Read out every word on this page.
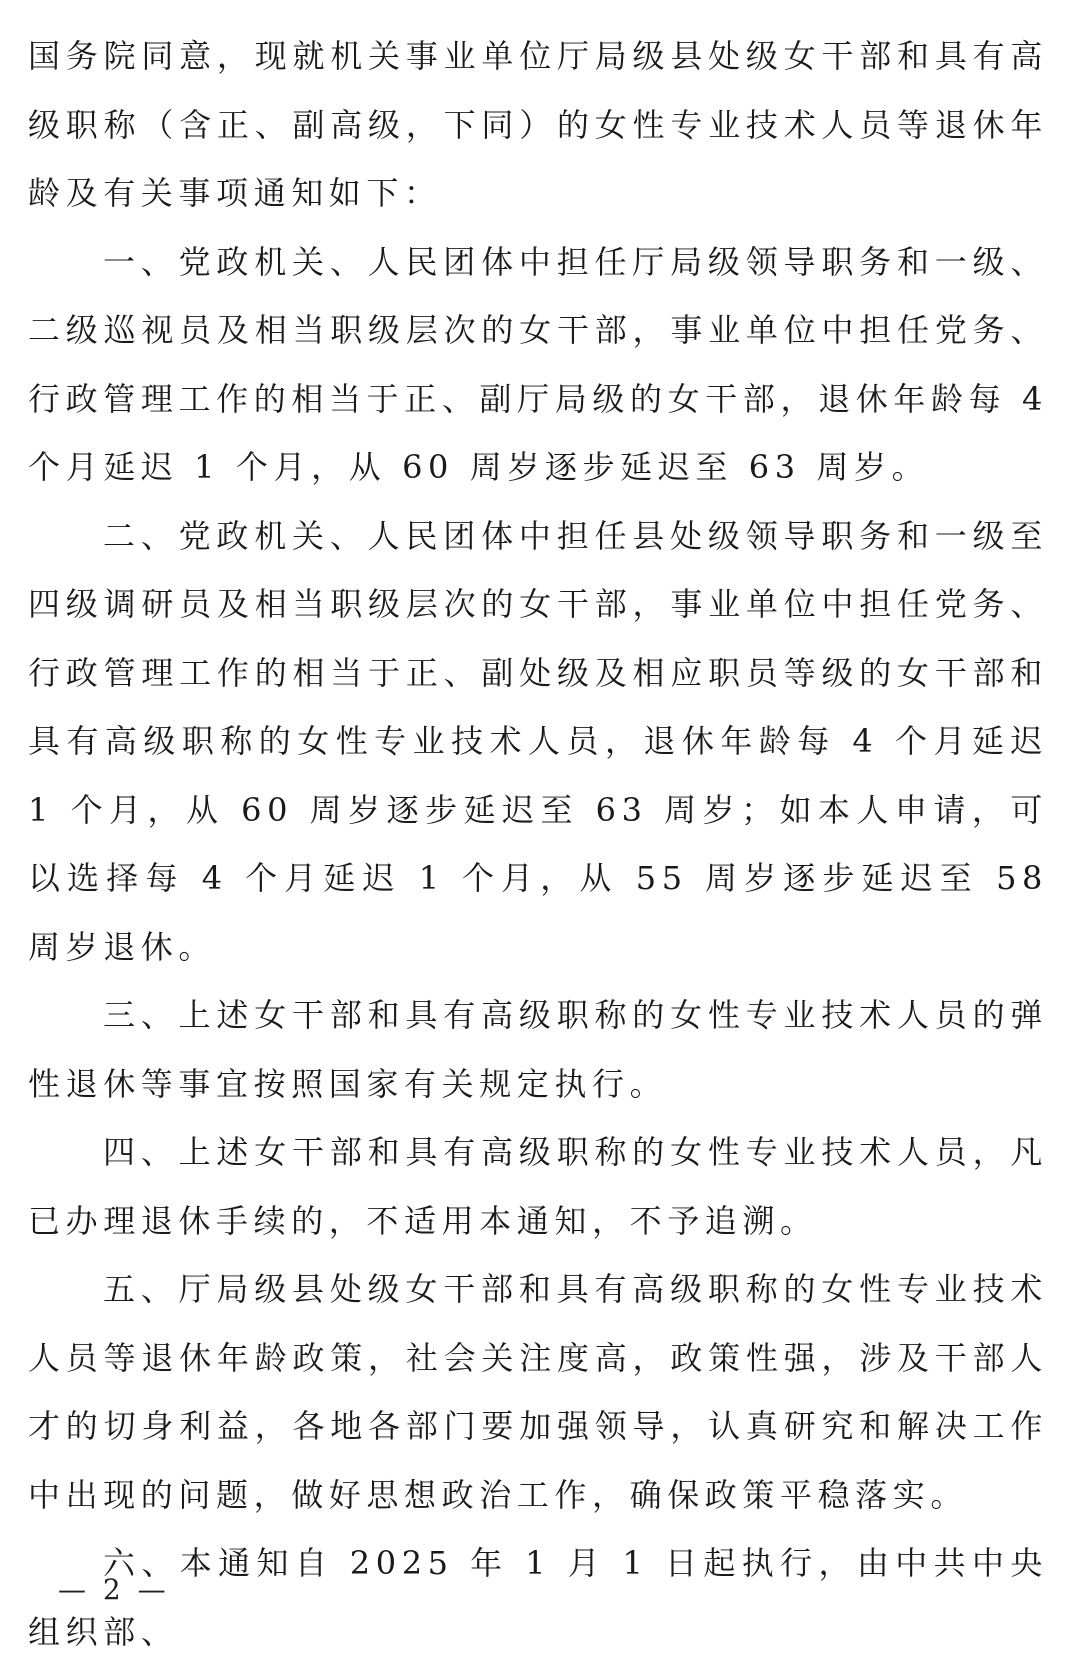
国务院同意，现就机关事业单位厅局级县处级女干部和具有高级职称（含正、副高级，下同）的女性专业技术人员等退休年龄及有关事项通知如下：

一、党政机关、人民团体中担任厅局级领导职务和一级、二级巡视员及相当职级层次的女干部，事业单位中担任党务、行政管理工作的相当于正、副厅局级的女干部，退休年龄每 4 个月延迟 1 个月，从 60 周岁逐步延迟至 63 周岁。

二、党政机关、人民团体中担任县处级领导职务和一级至四级调研员及相当职级层次的女干部，事业单位中担任党务、行政管理工作的相当于正、副处级及相应职员等级的女干部和具有高级职称的女性专业技术人员，退休年龄每 4 个月延迟 1 个月，从 60 周岁逐步延迟至 63 周岁；如本人申请，可以选择每 4 个月延迟 1 个月，从 55 周岁逐步延迟至 58 周岁退休。

三、上述女干部和具有高级职称的女性专业技术人员的弹性退休等事宜按照国家有关规定执行。

四、上述女干部和具有高级职称的女性专业技术人员，凡已办理退休手续的，不适用本通知，不予追溯。

五、厅局级县处级女干部和具有高级职称的女性专业技术人员等退休年龄政策，社会关注度高，政策性强，涉及干部人才的切身利益，各地各部门要加强领导，认真研究和解决工作中出现的问题，做好思想政治工作，确保政策平稳落实。

六、本通知自 2025 年 1 月 1 日起执行，由中共中央组织部、

— 2 —
